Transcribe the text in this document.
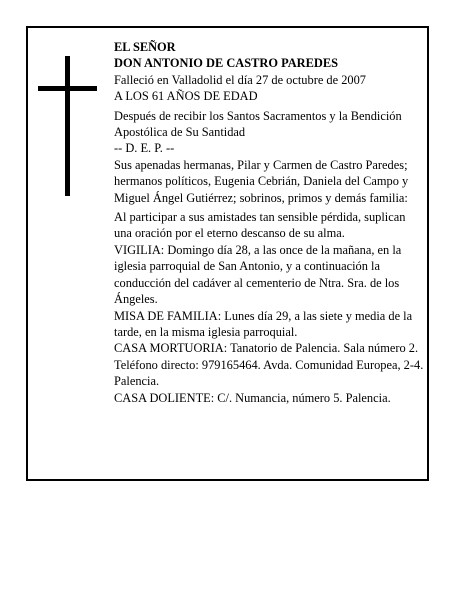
EL SEÑOR

DON ANTONIO DE CASTRO PAREDES

Falleció en Valladolid el día 27 de octubre de 2007

A LOS 61 AÑOS DE EDAD

Después de recibir los Santos Sacramentos y la Bendición Apostólica de Su Santidad

-- D. E. P. --

Sus apenadas hermanas, Pilar y Carmen de Castro Paredes; hermanos políticos, Eugenia Cebrián, Daniela del Campo y Miguel Ángel Gutiérrez; sobrinos, primos y demás familia:

Al participar a sus amistades tan sensible pérdida, suplican una oración por el eterno descanso de su alma.

VIGILIA: Domingo día 28, a las once de la mañana, en la iglesia parroquial de San Antonio, y a continuación la conducción del cadáver al cementerio de Ntra. Sra. de los Ángeles.

MISA DE FAMILIA: Lunes día 29, a las siete y media de la tarde, en la misma iglesia parroquial.

CASA MORTUORIA: Tanatorio de Palencia. Sala número 2. Teléfono directo: 979165464. Avda. Comunidad Europea, 2-4. Palencia.

CASA DOLIENTE: C/. Numancia, número 5. Palencia.
